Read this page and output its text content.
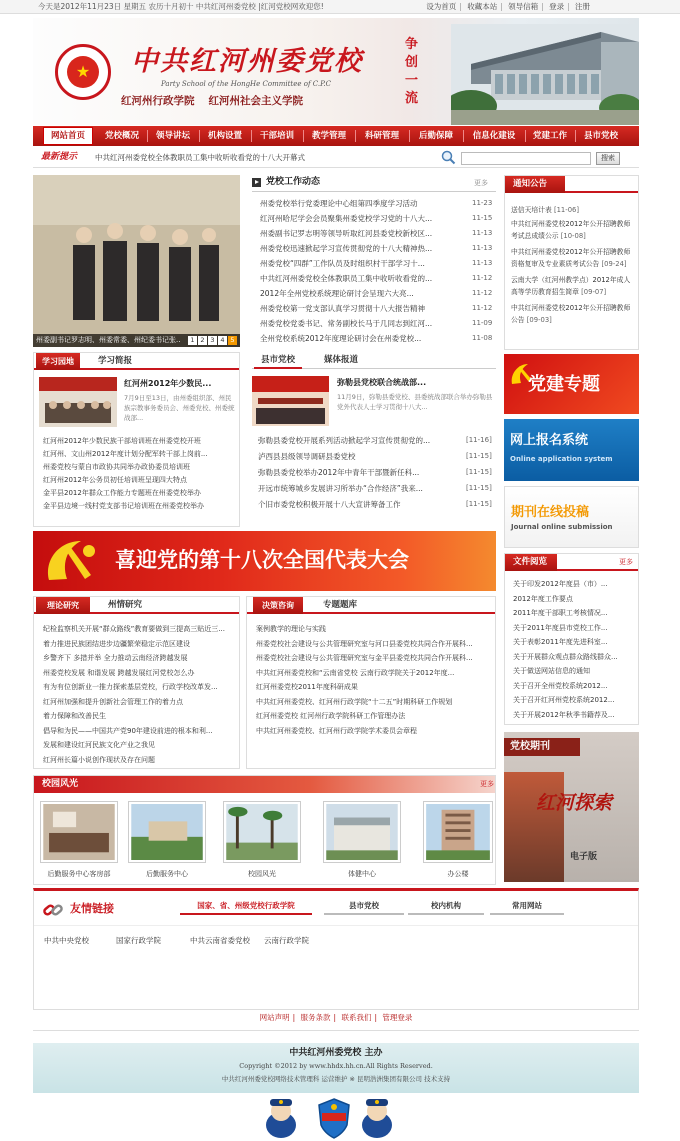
今天是2012年11月23日 星期五 农历十月初十 中共红河州委党校 |红河党校网欢迎您!	设为首页 | 收藏本站 | 领导信箱 | 登录 | 注册
★	中共红河州委党校
Party School of the HongHe Committee of C.P.C
红河州行政学院 红河州社会主义学院
争创一流
网站首页	党校概况	领导讲坛	机构设置	干部培训	教学管理	科研管理	后勤保障	信息化建设	党建工作	县市党校
最新提示 中共红河州委党校全体教职员工集中收听收看党的十八大开幕式	搜索
州委副书记罗志明、州委常委、州纪委书记张..	1 2 3 4 5
党校工作动态	更多
州委党校举行党委理论中心组第四季度学习活动	11-23
红河州哈尼学会会员聚集州委党校学习党的十八大...	11-15
州委副书记罗志明等领导听取红河县委党校新校区...	11-13
州委党校迅速掀起学习宣传贯彻党的十八大精神热...	11-13
州委党校“四群”工作队员及时组织村干部学习十...	11-13
中共红河州委党校全体教职员工集中收听收看党的...	11-12
2012年全州党校系统理论研讨会呈现六大亮...	11-12
州委党校第一党支部认真学习贯彻十八大报告精神	11-12
州委党校党委书记、常务副校长马于几同志到红河...	11-09
全州党校系统2012年度理论研讨会在州委党校...	11-08
学习园地	学习简报
红河州2012年少数民...
7月9日至13日，由州委组织部、州民族宗教事务委员会、州委党校、州委统战部...
红河州2012年少数民族干部培训班在州委党校开班
红河州、文山州2012年度计划分配军转干部上岗前...
州委党校与蒙自市政协共同举办政协委员培训班
红河州2012年公务员初任培训班呈现四大特点
金平县2012年群众工作能力专题班在州委党校举办
金平县边境一线村党支部书记培训班在州委党校举办
县市党校	媒体报道
弥勒县党校联合统战部...
11月9日，弥勒县委党校、县委统战部联合举办弥勒县党外代表人士学习贯彻十八大...
弥勒县委党校开展系列活动掀起学习宣传贯彻党的...	[11-16]
泸西县县级领导调研县委党校	[11-15]
弥勒县委党校举办2012年中青年干部暨新任科...	[11-15]
开远市统筹城乡发展讲习所举办“合作经济”我来...	[11-15]
个旧市委党校积极开展十八大宣讲筹备工作	[11-15]
喜迎党的第十八次全国代表大会
理论研究	州情研究
纪检监察机关开展“群众路线”教育要做到三提高三贴近三...
着力推进民族团结进步边疆繁荣稳定示范区建设
乡警齐下 多措并举 全力推动云南经济跨越发展
州委党校发展 和谐发展 跨越发展红河党校怎么办
有为有位创新业一推力探索基层党校，行政学校改革发...
红河州加强和提升创新社会管理工作的着力点
着力保障和改善民生
倡导和为民——中国共产党90年建设前进的根本和利...
发展和建设红河民族文化产业之我见
红河州长篇小说创作现状及存在问题
决策咨询	专题题库
案例教学的理论与实践
州委党校社会建设与公共管理研究室与河口县委党校共同合作开展科...
州委党校社会建设与公共管理研究室与金平县委党校共同合作开展科...
中共红河州委党校和“云南省党校 云南行政学院关于2012年度...
红河州委党校2011年度科研成果
中共红河州委党校、红河州行政学院“十二五”时期科研工作规划
红河州委党校 红河州行政学院科研工作管理办法
中共红河州委党校、红河州行政学院学术委员会章程
通知公告
送信天培计表 [11-06]
中共红河州委党校2012年公开招聘教师考试总成绩公示 [10-08]
中共红河州委党校2012年公开招聘教师资格复审及专业素质考试公告 [09-24]
云南大学（红河州教学点）2012年成人高等学历教育招生简章 [09-07]
中共红河州委党校2012年公开招聘教师公告 [09-03]
党建专题
网上报名系统
Online application system
期刊在线投稿
Journal online submission
文件阅览	更多
关于印发2012年度县（市）...
2012年度工作要点
2011年度干部职工考核情况...
关于2011年度县市党校工作...
关于表彰2011年度先进科室...
关于开展群众观点群众路线群众...
关于做送网站信息的通知
关于召开全州党校系统2012...
关于召开红河州党校系统2012...
关于开展2012年秋季书籍荐及...
党校期刊
红河探索
电子版
校园风光	更多
后勤服务中心客房部	后勤服务中心	校园风光	体健中心	办公楼
友情链接	国家、省、州级党校行政学院	县市党校	校内机构	常用网站
中共中央党校	国家行政学院	中共云南省委党校 云南行政学院
网站声明 | 服务条款 | 联系我们 | 管理登录
中共红河州委党校 主办
Copyright ©2012 by www.hhdx.hh.cn.All Rights Reserved.
中共红河州委党校网络技术管理科 运营维护 ※ 昆明浩洲集团有限公司 技术支持
